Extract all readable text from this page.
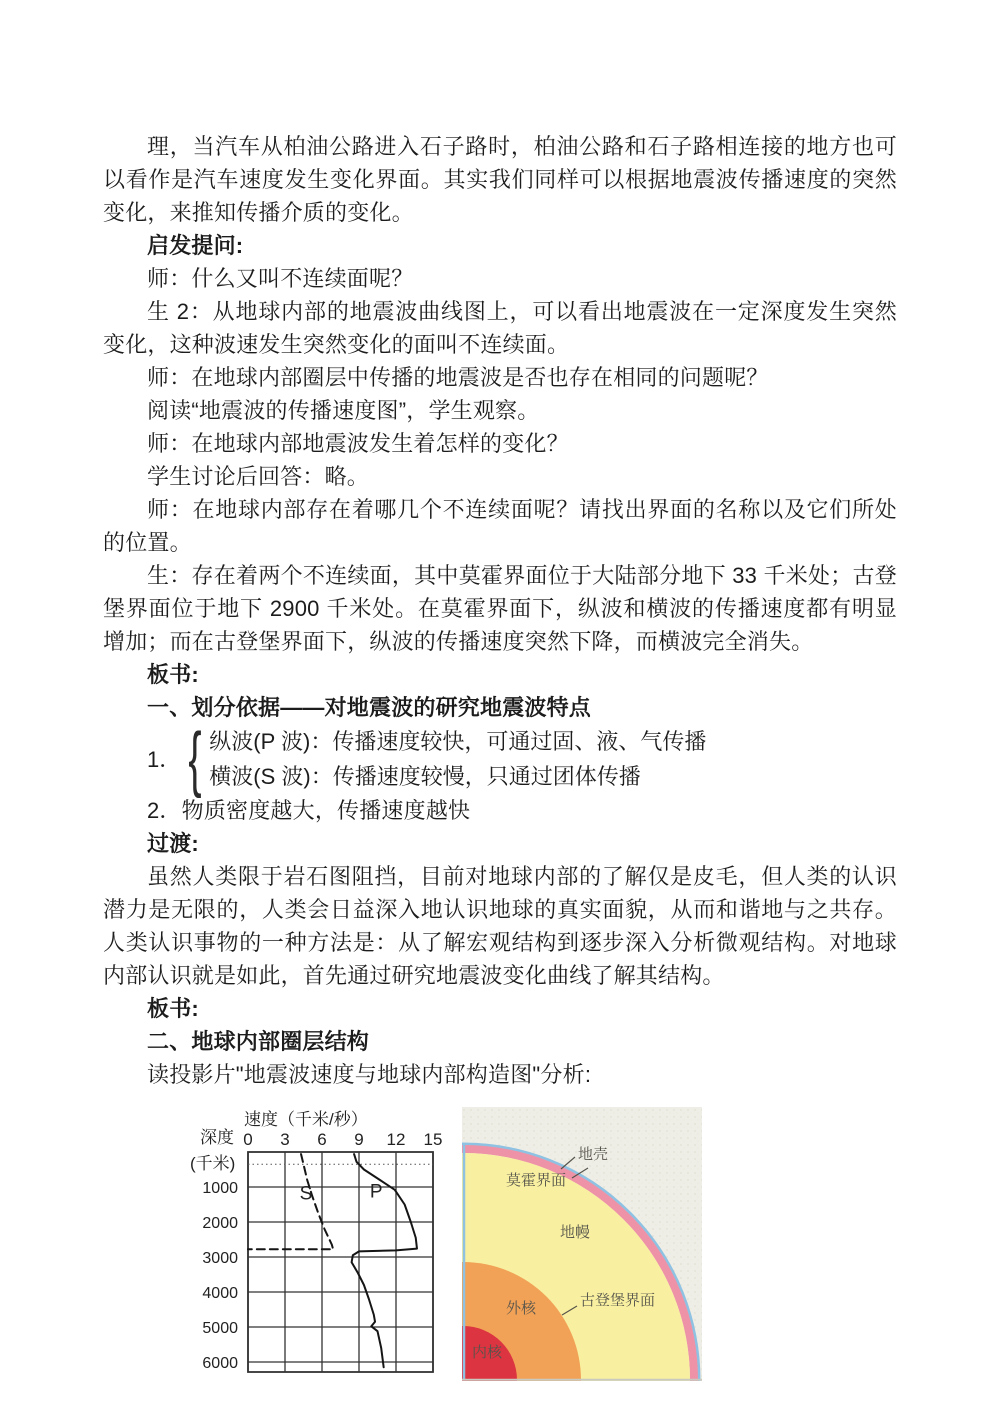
理，当汽车从柏油公路进入石子路时，柏油公路和石子路相连接的地方也可以看作是汽车速度发生变化界面。其实我们同样可以根据地震波传播速度的突然变化，来推知传播介质的变化。

启发提问:

师：什么又叫不连续面呢？

生 2：从地球内部的地震波曲线图上，可以看出地震波在一定深度发生突然变化，这种波速发生突然变化的面叫不连续面。

师：在地球内部圈层中传播的地震波是否也存在相同的问题呢？

阅读“地震波的传播速度图”，学生观察。

师：在地球内部地震波发生着怎样的变化？

学生讨论后回答：略。

师：在地球内部存在着哪几个不连续面呢？请找出界面的名称以及它们所处的位置。

生：存在着两个不连续面，其中莫霍界面位于大陆部分地下 33 千米处；古登堡界面位于地下 2900 千米处。在莫霍界面下，纵波和横波的传播速度都有明显增加；而在古登堡界面下，纵波的传播速度突然下降，而横波完全消失。

板书:

一、划分依据——对地震波的研究地震波特点

1． { 纵波(P 波)：传播速度较快，可通过固、液、气传播
横波(S 波)：传播速度较慢，只通过团体传播

2．物质密度越大，传播速度越快

过渡:

虽然人类限于岩石图阻挡，目前对地球内部的了解仅是皮毛，但人类的认识潜力是无限的，人类会日益深入地认识地球的真实面貌，从而和谐地与之共存。人类认识事物的一种方法是：从了解宏观结构到逐步深入分析微观结构。对地球内部认识就是如此，首先通过研究地震波变化曲线了解其结构。

板书:

二、地球内部圈层结构

读投影片"地震波速度与地球内部构造图"分析:

速度（千米/秒）
深度
(千米)
0 3 6 9 12 15
1000
2000
3000
4000
5000
6000
S	P
地壳
莫霍界面
地幔
古登堡界面
外核
内核
